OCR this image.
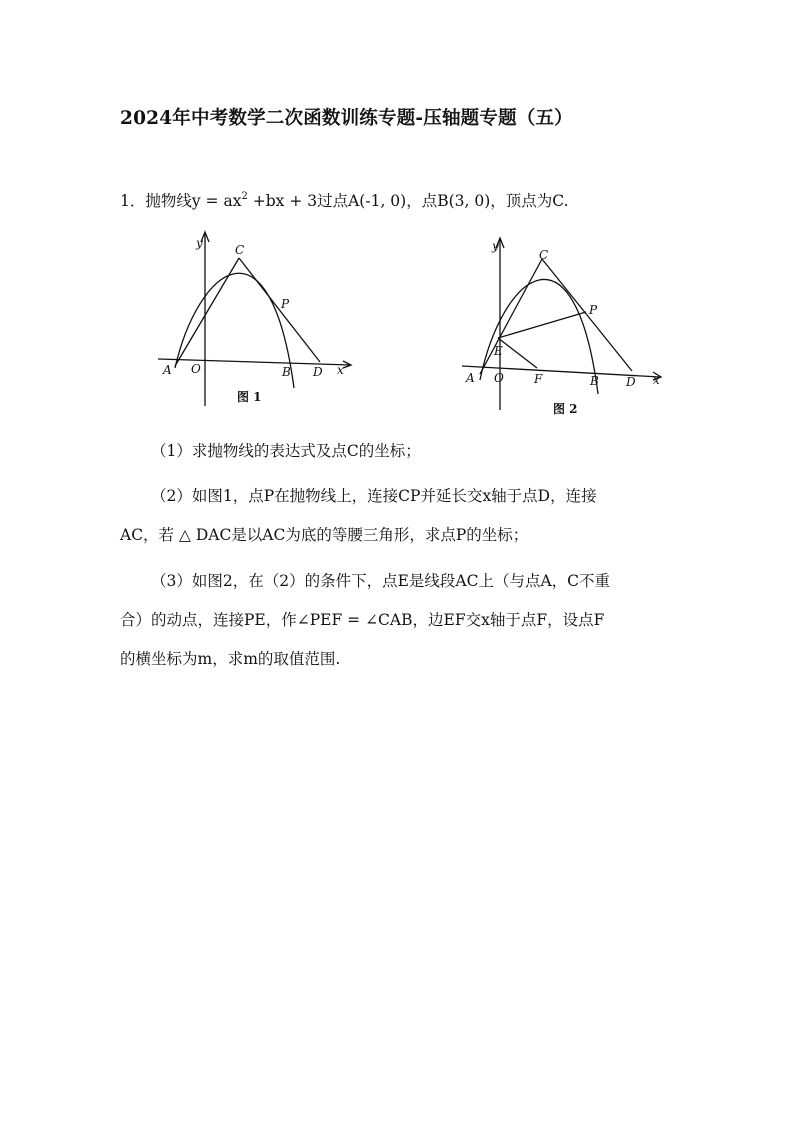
2024年中考数学二次函数训练专题-压轴题专题（五）
1．抛物线$y = ax^2 +bx + 3$过点A(-1, 0)，点B(3, 0)，顶点为C.
y	C
P
A O	B D x
图 1
y
C
P
E
A O	F	B D x
图 2
（1）求抛物线的表达式及点C的坐标；
（2）如图1，点P在抛物线上，连接CP并延长交x轴于点D，连接
AC，若 △ DAC是以AC为底的等腰三角形，求点P的坐标；
（3）如图2，在（2）的条件下，点E是线段AC上（与点A，C不重
合）的动点，连接PE，作∠PEF = ∠CAB，边EF交x轴于点F，设点F
的横坐标为m，求m的取值范围.
